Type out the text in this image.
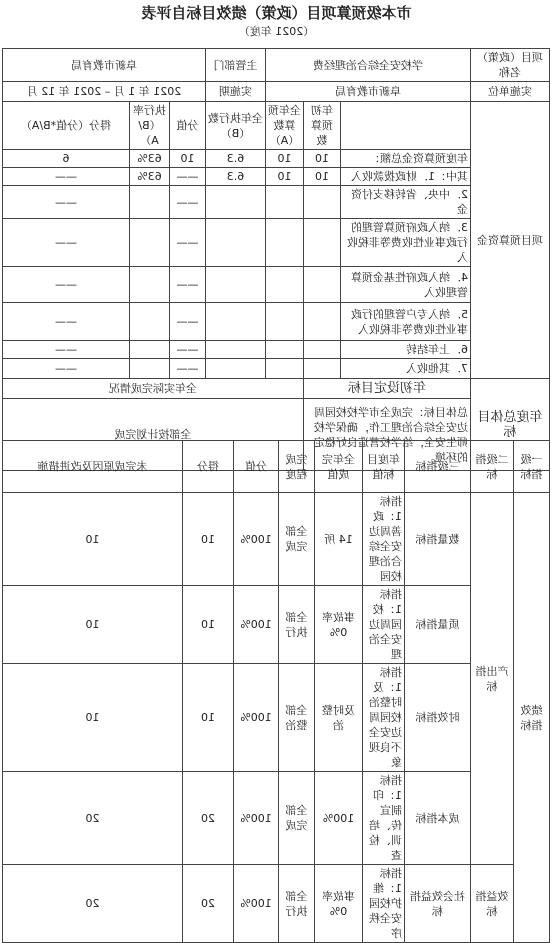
市本级预算项目（政策）绩效目标自评表
（2021 年度）
项目（政策）名称	学校安全综合治理经费			主管部门	阜新市教育局		
实施单位	阜新市教育局			实施期	2021 年 1 月 – 2021 年 12 月		
项目预算资金		年初预算数	全年预算数（A）	全年执行数（B）	分值	执行率（B/A）	得分（分值*B/A）
	年度预算资金总额：	10	10	6.3	10	63%	6
	其中：1．财政拨款收入	10	10	6.3	——	63%	——
	2．中央、省转移支付资金				——		——
	3．纳入政府预算管理的行政事业性收费等非税收入				——		——
	4．纳入政府性基金预算管理收入				——		——
	5．纳入专户管理的行政事业性收费等非税收入				——		——
	6．上年结转				——		——
	7．其他收入				——		——
年度总体目标	年初设定目标		全年实际完成情况				
	总体目标：完成全市学校校园周边安全综合治理工作，确保学校师生安全，给学校营造良好稳定的环境。		全部按计划完成				
一级指标	二级指标	三级指标	年度目标值	全年完成值	完成程度	分值	得分	未完成原因及改进措施	
绩效指标	产出指标	数量指标	指标 1：政善周边安全综合治理校园	14 所	全部完成	100%	10	10	
		质量指标	指标 1：校园周边安全治理	事故率 0%	全部执行	100%	10	10	
		时效指标	指标 1：及时整治校园周边安全不良现象	及时整治	全部整治	100%	10	10	
		成本指标	指标 1：印制宣传、培训、检查	100%	全部完成	100%	20	20	
	效益指标	社会效益指标	指标 1：维护校园安全秩序	事故率 0%	全部执行	100%	20	20	
